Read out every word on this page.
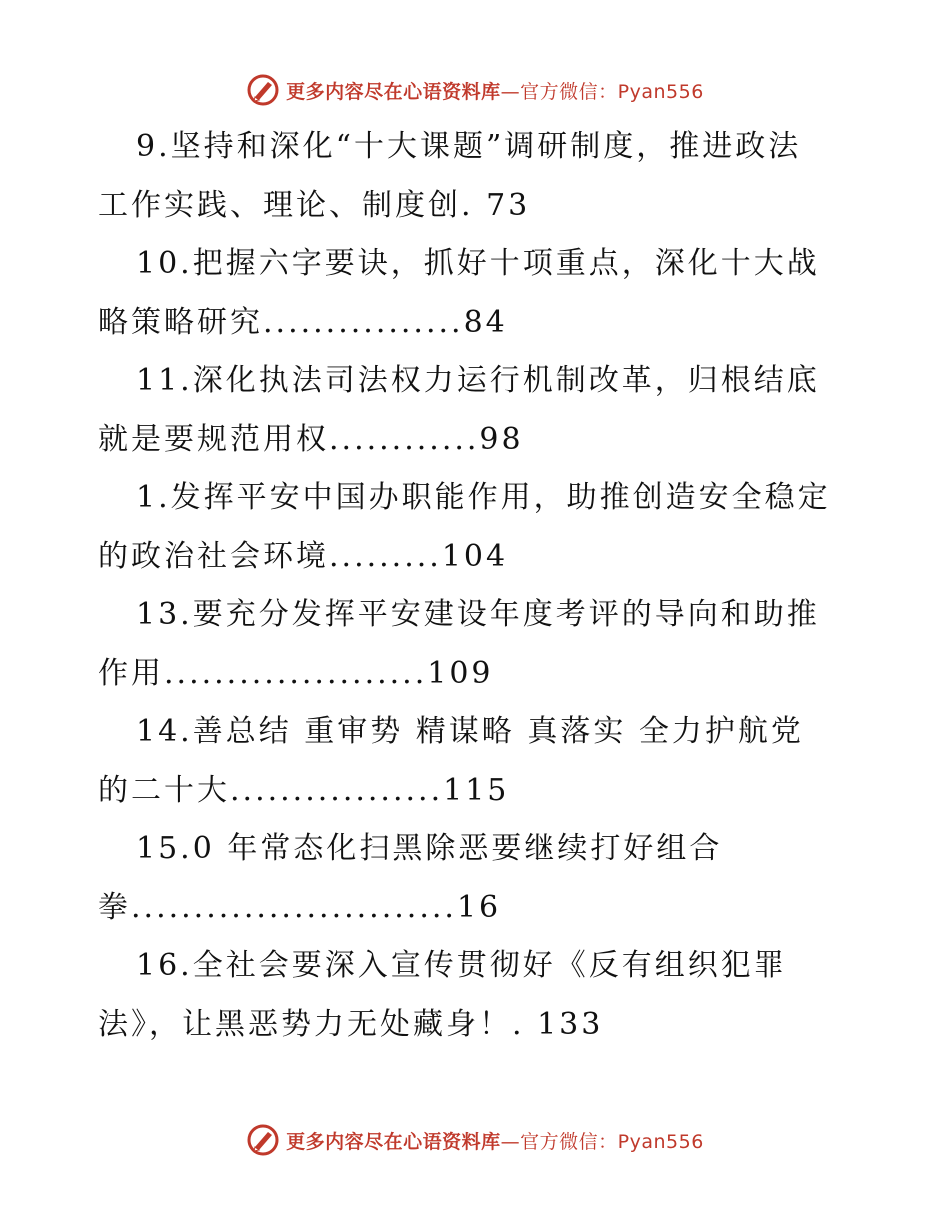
更多内容尽在心语资料库—官方微信：Pyan556
9.坚持和深化“十大课题”调研制度，推进政法
工作实践、理论、制度创. 73
10.把握六字要诀，抓好十项重点，深化十大战
略策略研究................84
11.深化执法司法权力运行机制改革，归根结底
就是要规范用权............98
1.发挥平安中国办职能作用，助推创造安全稳定
的政治社会环境.........104
13.要充分发挥平安建设年度考评的导向和助推
作用.....................109
14.善总结 重审势 精谋略 真落实 全力护航党
的二十大.................115
15.0 年常态化扫黑除恶要继续打好组合
拳..........................16
16.全社会要深入宣传贯彻好《反有组织犯罪
法》，让黑恶势力无处藏身！. 133
更多内容尽在心语资料库—官方微信：Pyan556
